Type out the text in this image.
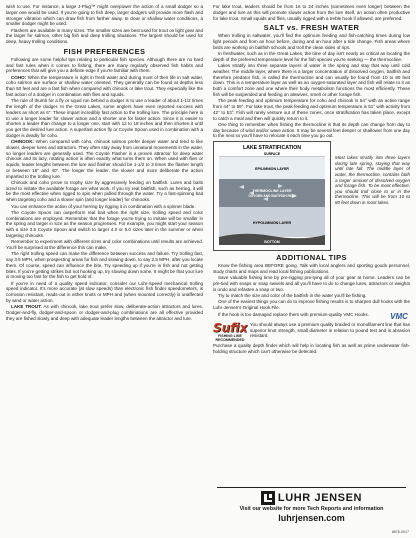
wish to use. For instance, a large J-Plug™ might overpower the action of a small dodger so a larger one would be used. If you're going to fish deep, larger dodgers will provide more flash and stronger vibration which can draw fish from farther away. In clear or shallow water conditions, a smaller dodger might be used.

Flashers are available in many sizes. The smaller sizes are best used for trout on light gear and the larger for salmon, other big fish and deep trolling situations. The largest should be used for deep, heavy trolling conditions.

FISH PREFERENCES

Following are some helpful tips relating to particular fish species. Although there are no hard and fast rules when it comes to fishing, there are many regularly observed fish habits and preferences that will give you a definite edge if you're familiar with them.

COHO: When the temperature is right in fresh water and during most of their life in salt water, coho salmon are surface or shallow water oriented. They generally can be found at depths less than 50 feet and are a fast fish when compared with chinook or lake trout. They especially like the fast action of a dodger in combination with flies and squids.

The rule of thumb for a fly or squid run behind a dodger is to use a leader of about 1-1/2 times the length of the dodger. In the Great Lakes, some anglers have even reported success with leaders as short as 6". These impart incredibly fast action to the trolling lure. The principle here is to use a longer leader for slower action and a shorter one for faster action. Since it is easier to shorten a leader than change to a longer one, start with 12 to 18 inches and then shorten it until you get the desired lure action. A superfast action fly or Coyote Spoon used in combination with a dodger is deadly for coho.

CHINOOK: When compared with coho, chinook salmon prefer deeper water and tend to like slower, deeper lures and attractors. They often stay away from unnatural movements in the water, so longer leaders are generally used. The Coyote Flasher is a proven attractor for deep water chinook and its lazy, rotating action is often exactly what turns them on. When used with flies or squids, leader lengths between the lure and flasher should be 1-1/2 to 3 times the flasher length or between 18" and 40". The longer the leader, the slower and more deliberate the action imparted to the trolling lure.

Chinook and coho prove to trophy size by aggressively feeding on baitfish. Lures and baits sized to imitate the available forage are what work. If you try real baitfish, such as herring, it will be the most effective when rigged to spin when pulled through the water. Try a fast-spinning bait when targeting coho and a slower spin (and longer leader) for chinooks.

You can enhance the action of your herring by rigging it in combination with a spinner blade.

The Coyote Spoon can outperform real bait when the right size, trolling speed and color combinations are employed. Remember that the forage you're trying to imitate will be smaller in the spring and larger in size as the season progresses. For example, you might start your season with a size 3.5 Coyote Spoon and switch to larger 4.0 or 5.0 sizes later in the summer or when targeting chinooks.

Remember to experiment with different sizes and color combinations until results are achieved. You'll be surprised at the difference this can make.

The right trolling speed can make the difference between success and failure. Try trolling fast, say 3.5 MPH, when prospecting areas for fish and slowing down, to say 2.5 MPH, after you locate them. Of course, speed can influence the bite. Try speeding up if you're in fish and not getting bites. If you're getting strikes but not hooking up, try slowing down some. It might be that your lure is moving too fast for the fish to get hold of.

If you're in need of a quality speed indicator, consider our Luhr-Speed mechanical trolling speed indicator. It's more accurate (at slow speeds) than electronic fish finder speedometers, is corrosion resistant, reads-out in either knots or MPH and (when mounted correctly) is unaffected by wind or water action.

LAKE TROUT: As with chinook, lake trout prefer slow, deliberate-action attractors and lures. Dodger-and-fly, dodger-and-spoon or dodger-and-plug combinations are all effective provided they are fished slowly and deep with adequate leader lengths between the attractor and lure.

For lake trout, leaders should be from 16 to 24 inches (sometimes even longer) between the dodger and lure as this will promote slower action from the lure itself, an action often productive for lake trout. Small squids and flies, usually rigged with a treble hook if allowed, are preferred.

SALT vs. FRESH WATER

When trolling in saltwater, you'll find the optimum feeding and fish-catching times during low light periods and from an hour before, during and an hour after a tide change. Fish areas where birds are working on baitfish schools and troll the clean sides of rips.

In freshwater, such as in the Great Lakes, the time of day isn't nearly as critical as locating the depth of the preferred temperature level for the fish species you're seeking — the thermocline.

Lakes stratify into three separate layers of water in the spring and stay that way until cold weather. The middle layer, where there is a larger concentration of dissolved oxygen, baitfish and therefore predator fish, is called the thermocline and can usually be found from 10 to 80 feet down. This is a temperature layer as well as an oxygen-saturated layer and fish will relate to it as both a comfort zone and one where their body metabolism functions the most efficiently. These fish will be suspended and feeding on alewives, smelt or other forage fish.

The peak feeding and optimum temperature for coho and chinook is 54° with an active range from 44° to 59°. For lake trout, the peak feeding and optimum temperature is 51° with activity from 42° to 53°. Fish will rarely venture out of these zones, once stratification has taken place, except to catch a meal and then will quickly return to it.

One thing to remember when fishing the thermocline is that its depth can change from day to day because of wind and/or wave action. It may be several feet deeper or shallower from one day to the next so you'll have to relocate it each time you go out.

LAKE STRATIFICATION
SURFACE
EPILIMNION LAYER
THERMOCLINE LAYER
OXYGEN AND BAITFISH RICH
HYPOLIMNION LAYER
BOTTOM
Most lakes stratify into three layers during late spring, staying that way until late fall. The middle layer of water, the thermocline, contains both a larger amount of dissolved oxygen and forage fish. To be most effective, you should troll close to or in the thermocline. This will be from 10 to 80 feet down in most lakes.
ADDITIONAL TIPS

Know the fishing area BEFORE going. Talk with local anglers and sporting goods personnel, study charts and maps and read local fishing publications.

Save valuable fishing time by pre-rigging pre-tying all of your gear at home. Leaders can be pre-tied with snaps or snap swivels and all you'll have to do to change lures, attractors or weights is undo and refasten a snap or two.

Try to match the size and color of the baitfish in the water you'll be fishing.

One of the easiest things you can do to improve fishing results is to sharpen dull hooks with the Luhr-Jensen's Original Hook File.

If the hook is too damaged replace them with premium-quality VMC Hooks.	VMC
Sufix
FISHING LINE
RECOMMENDED

You should always use a premium quality braided or monofilament line that has superior knot strength, small diameter in relation to pound test and is abrasion resistant.

Purchase a quality depth finder which will help in locating fish as well as prime underwater fish-holding structure which can't otherwise be detected.

LUHR JENSEN
Visit our website for more Tech Reports and information
luhrjensen.com
8876-0017
